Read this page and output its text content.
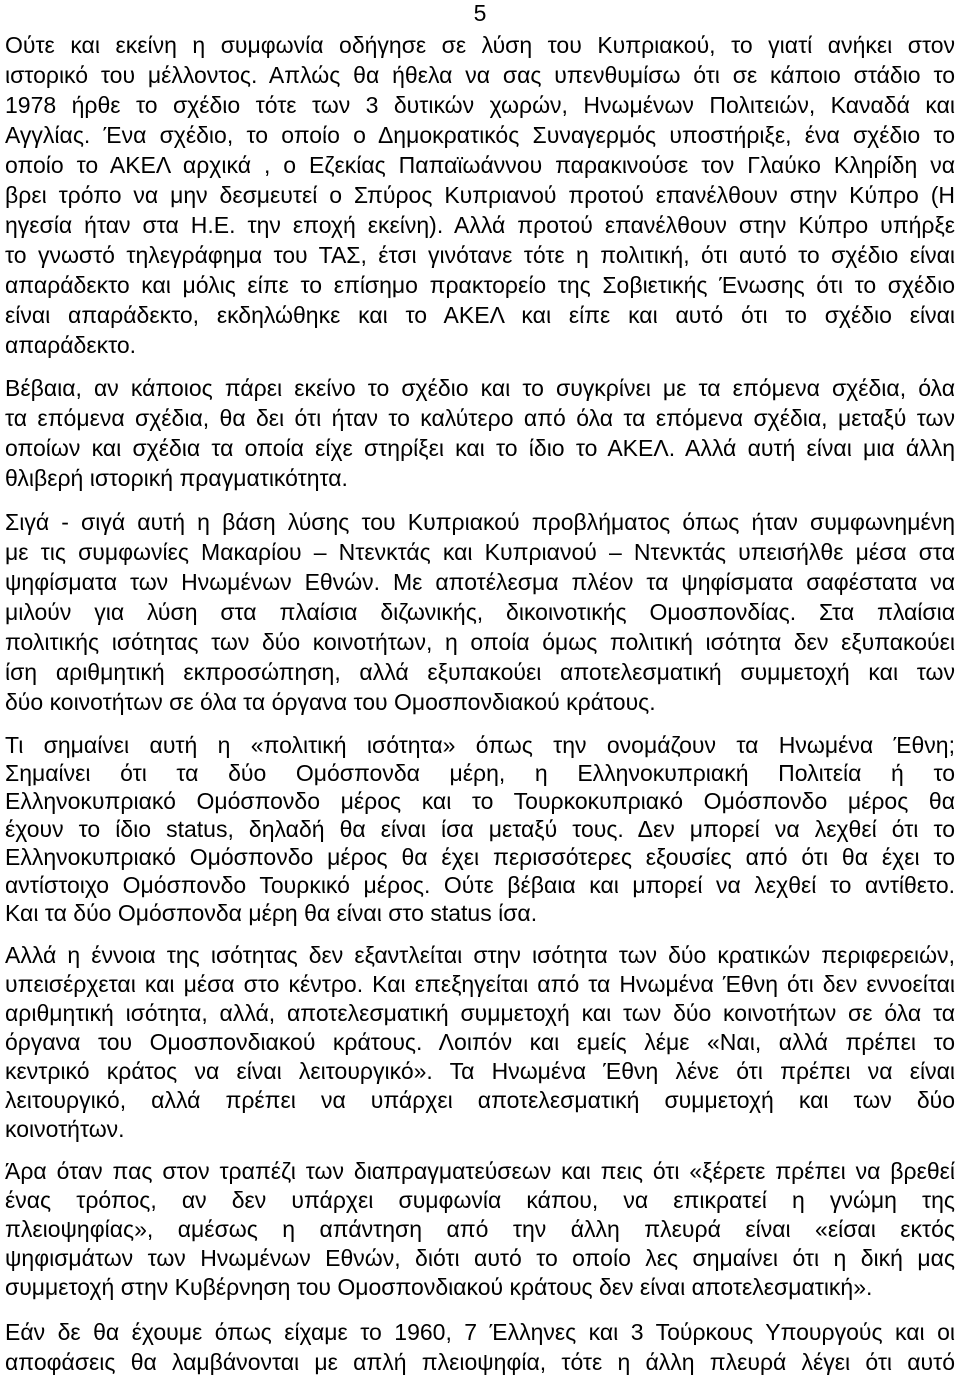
5
Ούτε και εκείνη η συμφωνία οδήγησε σε λύση του Κυπριακού, το γιατί ανήκει στον
ιστορικό του μέλλοντος. Απλώς θα ήθελα να σας υπενθυμίσω ότι σε κάποιο στάδιο το
1978 ήρθε το σχέδιο τότε των 3 δυτικών χωρών, Ηνωμένων Πολιτειών, Καναδά και
Αγγλίας. Ένα σχέδιο, το οποίο ο Δημοκρατικός Συναγερμός υποστήριξε, ένα σχέδιο το
οποίο το ΑΚΕΛ αρχικά , ο Εζεκίας Παπαϊωάννου παρακινούσε τον Γλαύκο Κληρίδη να
βρει τρόπο να μην δεσμευτεί ο Σπύρος Κυπριανού προτού επανέλθουν στην Κύπρο (Η
ηγεσία ήταν στα Η.Ε. την εποχή εκείνη). Αλλά προτού επανέλθουν στην Κύπρο υπήρξε
το γνωστό τηλεγράφημα του ΤΑΣ, έτσι γινότανε τότε η πολιτική, ότι αυτό το σχέδιο είναι
απαράδεκτο και μόλις είπε το επίσημο πρακτορείο της Σοβιετικής Ένωσης ότι το σχέδιο
είναι απαράδεκτο, εκδηλώθηκε και το ΑΚΕΛ και είπε και αυτό ότι το σχέδιο είναι
απαράδεκτο.
Βέβαια, αν κάποιος πάρει εκείνο το σχέδιο και το συγκρίνει με τα επόμενα σχέδια, όλα
τα επόμενα σχέδια, θα δει ότι ήταν το καλύτερο από όλα τα επόμενα σχέδια, μεταξύ των
οποίων και σχέδια τα οποία είχε στηρίξει και το ίδιο το ΑΚΕΛ. Αλλά αυτή είναι μια άλλη
θλιβερή ιστορική πραγματικότητα.
Σιγά - σιγά αυτή η βάση λύσης του Κυπριακού προβλήματος όπως ήταν συμφωνημένη
με τις συμφωνίες Μακαρίου – Ντενκτάς και Κυπριανού – Ντενκτάς υπεισήλθε μέσα στα
ψηφίσματα των Ηνωμένων Εθνών. Με αποτέλεσμα πλέον τα ψηφίσματα σαφέστατα να
μιλούν για λύση στα πλαίσια διζωνικής, δικοινοτικής Ομοσπονδίας. Στα πλαίσια
πολιτικής ισότητας των δύο κοινοτήτων, η οποία όμως πολιτική ισότητα δεν εξυπακούει
ίση αριθμητική εκπροσώπηση, αλλά εξυπακούει αποτελεσματική συμμετοχή και των
δύο κοινοτήτων σε όλα τα όργανα του Ομοσπονδιακού κράτους.
Τι σημαίνει αυτή η «πολιτική ισότητα» όπως την ονομάζουν τα Ηνωμένα Έθνη;
Σημαίνει ότι τα δύο Ομόσπονδα μέρη, η Ελληνοκυπριακή Πολιτεία ή το
Ελληνοκυπριακό Ομόσπονδο μέρος και το Τουρκοκυπριακό Ομόσπονδο μέρος θα
έχουν το ίδιο status, δηλαδή θα είναι ίσα μεταξύ τους. Δεν μπορεί να λεχθεί ότι το
Ελληνοκυπριακό Ομόσπονδο μέρος θα έχει περισσότερες εξουσίες από ότι θα έχει το
αντίστοιχο Ομόσπονδο Τουρκικό μέρος. Ούτε βέβαια και μπορεί να λεχθεί το αντίθετο.
Και τα δύο Ομόσπονδα μέρη θα είναι στο status ίσα.
Αλλά η έννοια της ισότητας δεν εξαντλείται στην ισότητα των δύο κρατικών περιφερειών,
υπεισέρχεται και μέσα στο κέντρο. Και επεξηγείται από τα Ηνωμένα Έθνη ότι δεν εννοείται
αριθμητική ισότητα, αλλά, αποτελεσματική συμμετοχή και των δύο κοινοτήτων σε όλα τα
όργανα του Ομοσπονδιακού κράτους. Λοιπόν και εμείς λέμε «Ναι, αλλά πρέπει το
κεντρικό κράτος να είναι λειτουργικό». Τα Ηνωμένα Έθνη λένε ότι πρέπει να είναι
λειτουργικό, αλλά πρέπει να υπάρχει αποτελεσματική συμμετοχή και των δύο
κοινοτήτων.
Άρα όταν πας στον τραπέζι των διαπραγματεύσεων και πεις ότι «ξέρετε πρέπει να βρεθεί
ένας τρόπος, αν δεν υπάρχει συμφωνία κάπου, να επικρατεί η γνώμη της
πλειοψηφίας», αμέσως η απάντηση από την άλλη πλευρά είναι «είσαι εκτός
ψηφισμάτων των Ηνωμένων Εθνών, διότι αυτό το οποίο λες σημαίνει ότι η δική μας
συμμετοχή στην Κυβέρνηση του Ομοσπονδιακού κράτους δεν είναι αποτελεσματική».
Εάν δε θα έχουμε όπως είχαμε το 1960, 7 Έλληνες και 3 Τούρκους Υπουργούς και οι
αποφάσεις θα λαμβάνονται με απλή πλειοψηφία, τότε η άλλη πλευρά λέγει ότι αυτό
